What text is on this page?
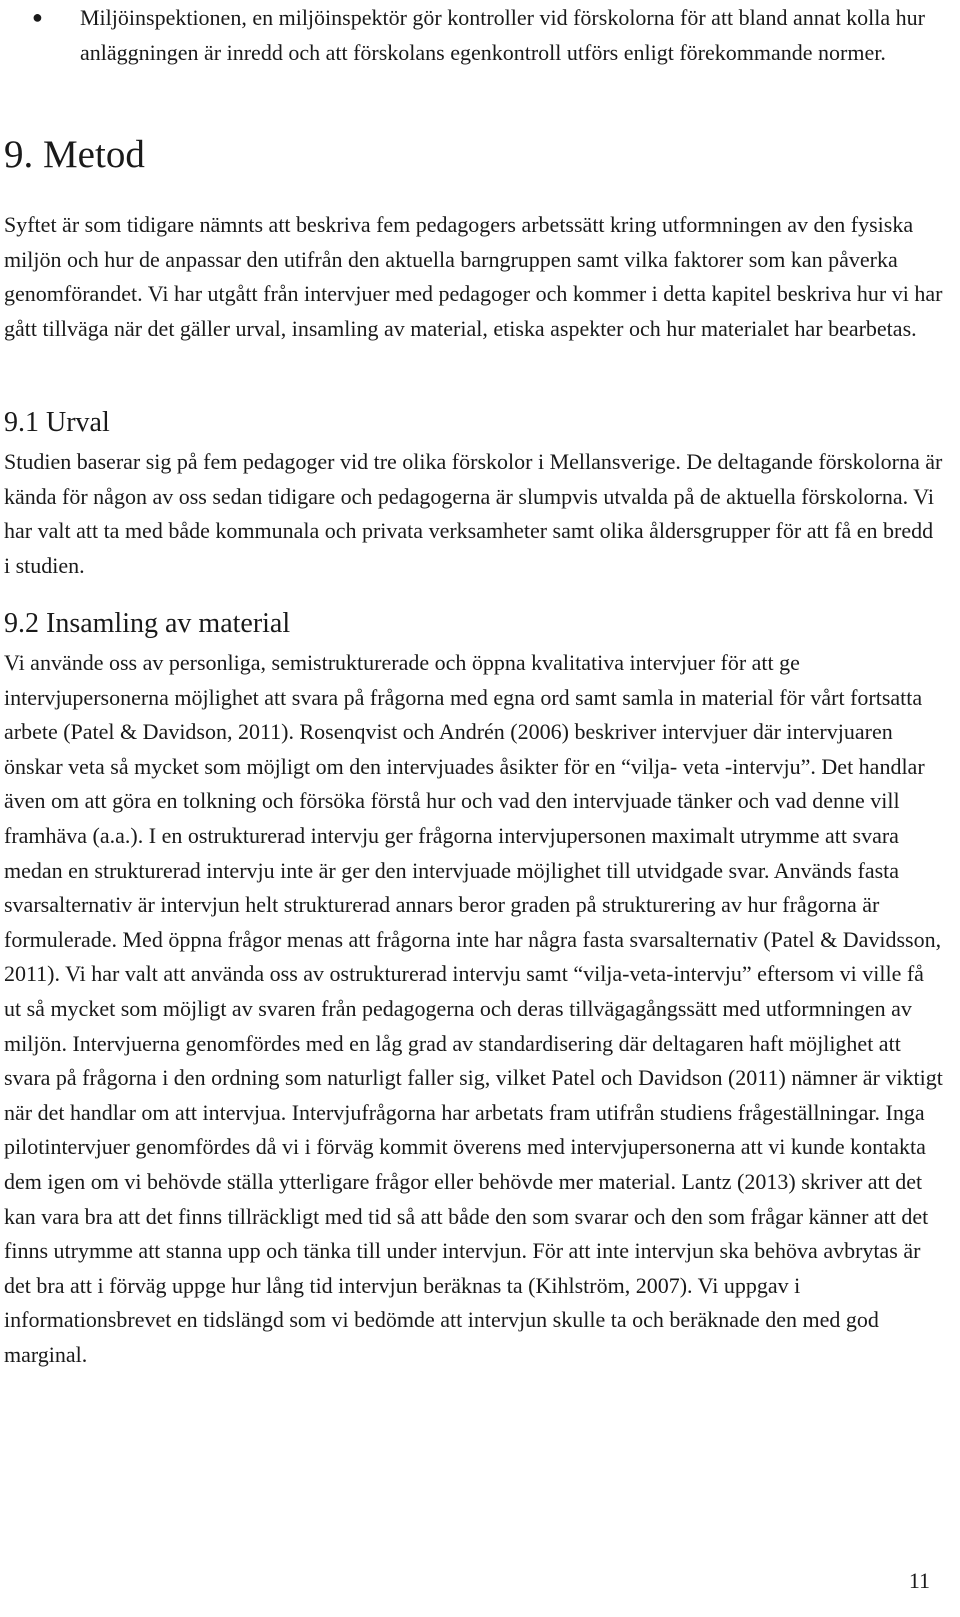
● Miljöinspektionen, en miljöinspektör gör kontroller vid förskolorna för att bland annat kolla hur anläggningen är inredd och att förskolans egenkontroll utförs enligt förekommande normer.
9. Metod

Syftet är som tidigare nämnts att beskriva fem pedagogers arbetssätt kring utformningen av den fysiska miljön och hur de anpassar den utifrån den aktuella barngruppen samt vilka faktorer som kan påverka genomförandet. Vi har utgått från intervjuer med pedagoger och kommer i detta kapitel beskriva hur vi har gått tillväga när det gäller urval, insamling av material, etiska aspekter och hur materialet har bearbetas.

9.1 Urval

Studien baserar sig på fem pedagoger vid tre olika förskolor i Mellansverige. De deltagande förskolorna är kända för någon av oss sedan tidigare och pedagogerna är slumpvis utvalda på de aktuella förskolorna. Vi har valt att ta med både kommunala och privata verksamheter samt olika åldersgrupper för att få en bredd i studien.

9.2 Insamling av material

Vi använde oss av personliga, semistrukturerade och öppna kvalitativa intervjuer för att ge intervjupersonerna möjlighet att svara på frågorna med egna ord samt samla in material för vårt fortsatta arbete (Patel & Davidson, 2011). Rosenqvist och Andrén (2006) beskriver intervjuer där intervjuaren önskar veta så mycket som möjligt om den intervjuades åsikter för en “vilja- veta -intervju”. Det handlar även om att göra en tolkning och försöka förstå hur och vad den intervjuade tänker och vad denne vill framhäva (a.a.). I en ostrukturerad intervju ger frågorna intervjupersonen maximalt utrymme att svara medan en strukturerad intervju inte är ger den intervjuade möjlighet till utvidgade svar. Används fasta svarsalternativ är intervjun helt strukturerad annars beror graden på strukturering av hur frågorna är formulerade. Med öppna frågor menas att frågorna inte har några fasta svarsalternativ (Patel & Davidsson, 2011). Vi har valt att använda oss av ostrukturerad intervju samt “vilja-veta-intervju” eftersom vi ville få ut så mycket som möjligt av svaren från pedagogerna och deras tillvägagångssätt med utformningen av miljön. Intervjuerna genomfördes med en låg grad av standardisering där deltagaren haft möjlighet att svara på frågorna i den ordning som naturligt faller sig, vilket Patel och Davidson (2011) nämner är viktigt när det handlar om att intervjua. Intervjufrågorna har arbetats fram utifrån studiens frågeställningar. Inga pilotintervjuer genomfördes då vi i förväg kommit överens med intervjupersonerna att vi kunde kontakta dem igen om vi behövde ställa ytterligare frågor eller behövde mer material. Lantz (2013) skriver att det kan vara bra att det finns tillräckligt med tid så att både den som svarar och den som frågar känner att det finns utrymme att stanna upp och tänka till under intervjun. För att inte intervjun ska behöva avbrytas är det bra att i förväg uppge hur lång tid intervjun beräknas ta (Kihlström, 2007). Vi uppgav i informationsbrevet en tidslängd som vi bedömde att intervjun skulle ta och beräknade den med god marginal.

11
